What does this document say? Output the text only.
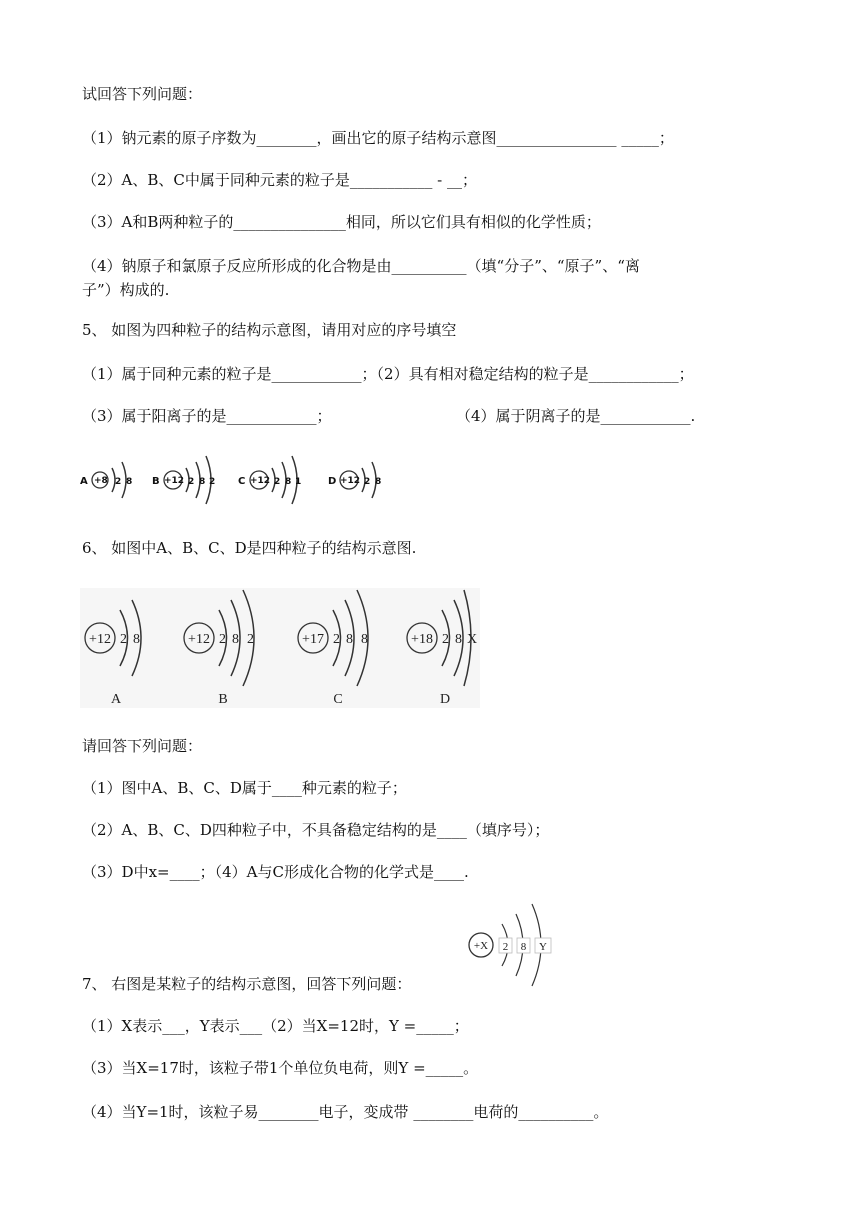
试回答下列问题：
（1）钠元素的原子序数为________，画出它的原子结构示意图________________ _____；
（2）A、B、C中属于同种元素的粒子是___________ - __；
（3）A和B两种粒子的_______________相同，所以它们具有相似的化学性质；
（4）钠原子和氯原子反应所形成的化合物是由__________（填“分子”、“原子”、“离
子”）构成的.
5、 如图为四种粒子的结构示意图，请用对应的序号填空
（1）属于同种元素的粒子是____________；（2）具有相对稳定结构的粒子是____________；
（3）属于阳离子的是____________；	（4）属于阴离子的是____________.
A +8 2 8 B +12 2 8 2 C +12 2 8 1	D +12 2 8
6、 如图中A、B、C、D是四种粒子的结构示意图.
+12 2 8
A
+12 2 8 2
B
+17 2 8 8
C
+18 2 8 X
D
请回答下列问题：
（1）图中A、B、C、D属于____种元素的粒子；
（2）A、B、C、D四种粒子中，不具备稳定结构的是____（填序号）；
（3）D中x=____；（4）A与C形成化合物的化学式是____.
+X 2 8 Y
7、 右图是某粒子的结构示意图，回答下列问题：
（1）X表示___，Y表示___（2）当X=12时，Y =_____；
（3）当X=17时，该粒子带1个单位负电荷，则Y =_____。
（4）当Y=1时，该粒子易________电子，变成带 ________电荷的__________。
